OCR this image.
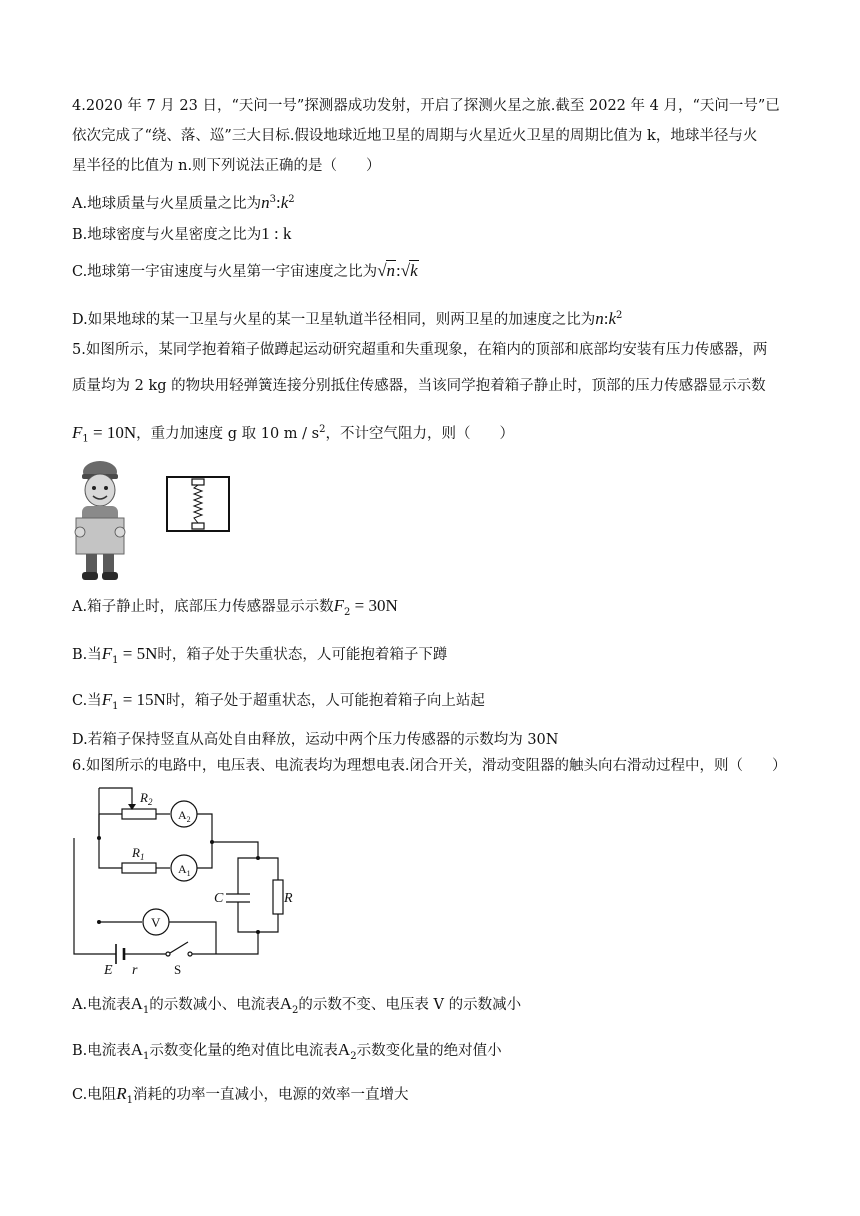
4.2020 年 7 月 23 日，“天问一号”探测器成功发射，开启了探测火星之旅.截至 2022 年 4 月，“天问一号”已
依次完成了“绕、落、巡”三大目标.假设地球近地卫星的周期与火星近火卫星的周期比值为 k，地球半径与火
星半径的比值为 n.则下列说法正确的是（　　）
A.地球质量与火星质量之比为$n^3:k^2$
B.地球密度与火星密度之比为1 : k
C.地球第一宇宙速度与火星第一宇宙速度之比为√n:√k
D.如果地球的某一卫星与火星的某一卫星轨道半径相同，则两卫星的加速度之比为$n:k^2$
5.如图所示，某同学抱着箱子做蹲起运动研究超重和失重现象，在箱内的顶部和底部均安装有压力传感器，两
质量均为 2 kg 的物块用轻弹簧连接分别抵住传感器，当该同学抱着箱子静止时，顶部的压力传感器显示示数
$F_1 = 10N$，重力加速度 g 取 10 m / $s^2$，不计空气阻力，则（　　）
A.箱子静止时，底部压力传感器显示示数$F_2 = 30N$
B.当$F_1 = 5N$时，箱子处于失重状态，人可能抱着箱子下蹲
C.当$F_1 = 15N$时，箱子处于超重状态，人可能抱着箱子向上站起
D.若箱子保持竖直从高处自由释放，运动中两个压力传感器的示数均为 30N
6.如图所示的电路中，电压表、电流表均为理想电表.闭合开关，滑动变阻器的触头向右滑动过程中，则（　　）
$R_2$
$A_2$
$R_1$
$A_1$
C	R
V
E r	S
A.电流表$A_1$的示数减小、电流表$A_2$的示数不变、电压表 V 的示数减小
B.电流表$A_1$示数变化量的绝对值比电流表$A_2$示数变化量的绝对值小
C.电阻$R_1$消耗的功率一直减小，电源的效率一直增大
